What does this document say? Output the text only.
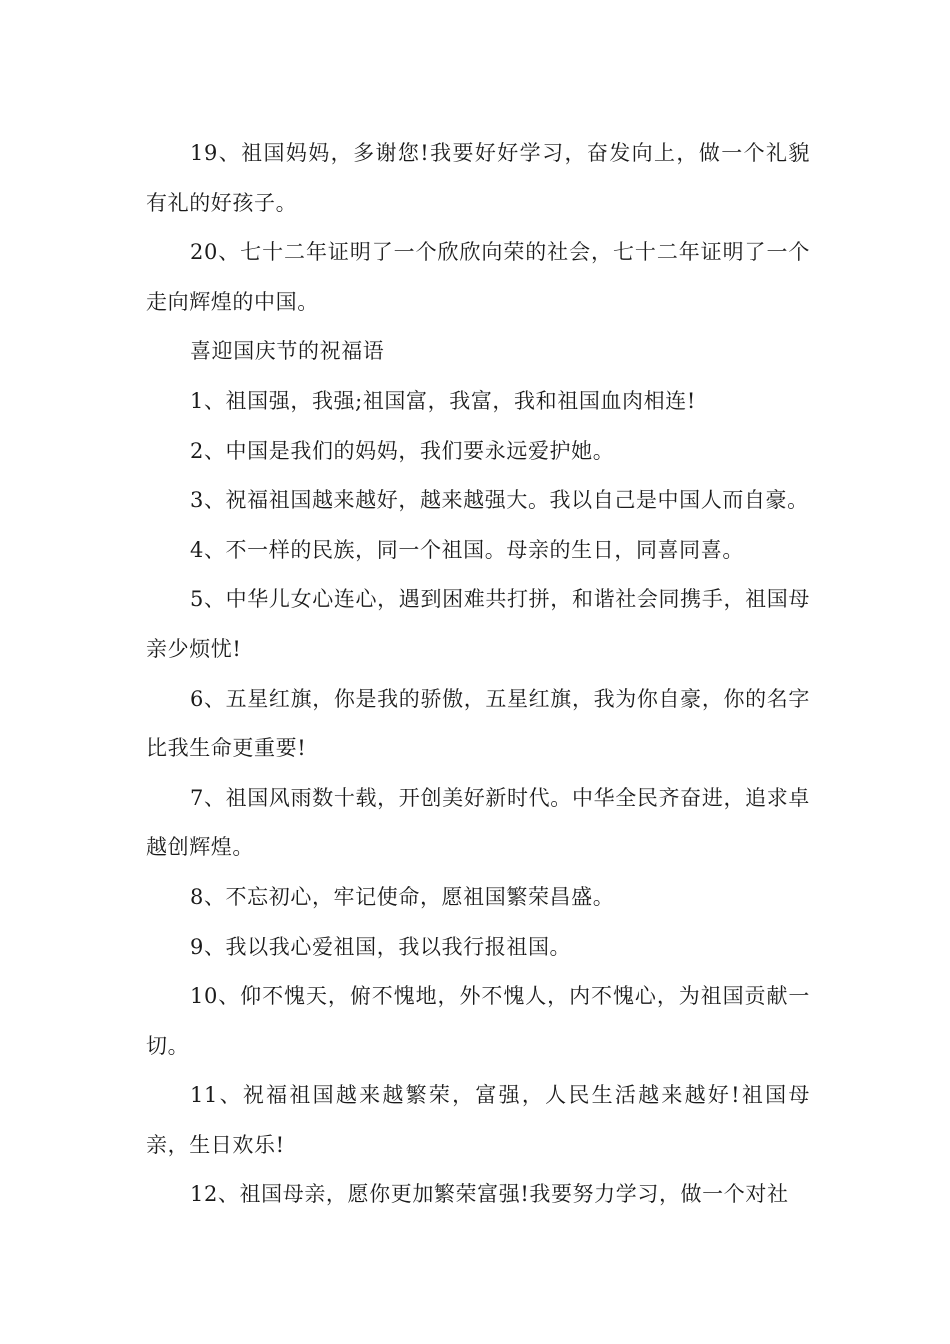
19、祖国妈妈，多谢您!我要好好学习，奋发向上，做一个礼貌有礼的好孩子。

20、七十二年证明了一个欣欣向荣的社会，七十二年证明了一个走向辉煌的中国。

喜迎国庆节的祝福语

1、祖国强，我强;祖国富，我富，我和祖国血肉相连!

2、中国是我们的妈妈，我们要永远爱护她。

3、祝福祖国越来越好，越来越强大。我以自己是中国人而自豪。

4、不一样的民族，同一个祖国。母亲的生日，同喜同喜。

5、中华儿女心连心，遇到困难共打拼，和谐社会同携手，祖国母亲少烦忧!

6、五星红旗，你是我的骄傲，五星红旗，我为你自豪，你的名字比我生命更重要!

7、祖国风雨数十载，开创美好新时代。中华全民齐奋进，追求卓越创辉煌。

8、不忘初心，牢记使命，愿祖国繁荣昌盛。

9、我以我心爱祖国，我以我行报祖国。

10、仰不愧天，俯不愧地，外不愧人，内不愧心，为祖国贡献一切。

11、祝福祖国越来越繁荣，富强，人民生活越来越好!祖国母亲，生日欢乐!

12、祖国母亲，愿你更加繁荣富强!我要努力学习，做一个对社
